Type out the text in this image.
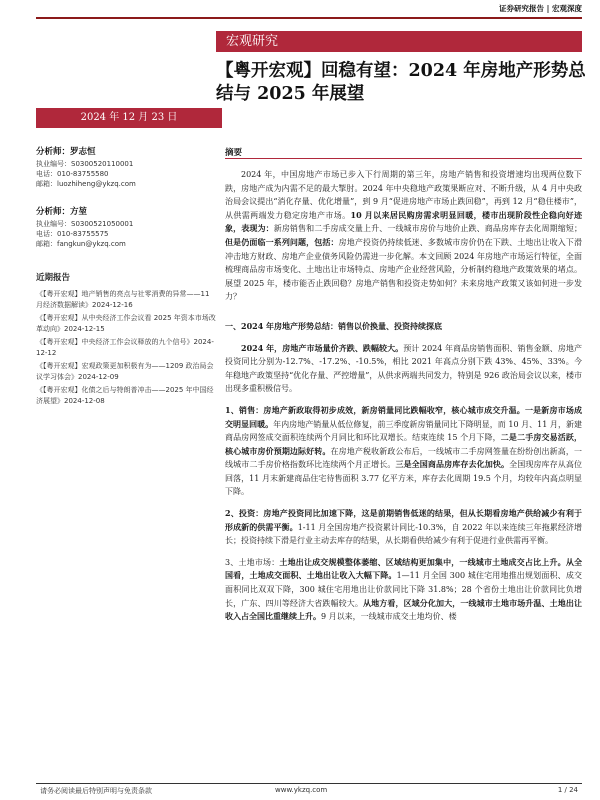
证券研究报告 | 宏观深度
宏观研究
【粤开宏观】回稳有望：2024 年房地产形势总结与 2025 年展望
2024 年 12 月 23 日
分析师：罗志恒
执业编号：S0300520110001
电话：010-83755580
邮箱：luozhiheng@ykzq.com
分析师：方堃
执业编号：S0300521050001
电话：010-83755575
邮箱：fangkun@ykzq.com
近期报告
《【粤开宏观】地产销售的亮点与社零消费的异常——11 月经济数据解读》2024-12-16
《【粤开宏观】从中央经济工作会议看 2025 年资本市场改革动向》2024-12-15
《【粤开宏观】中央经济工作会议释放的九个信号》2024-12-12
《【粤开宏观】宏观政策更加积极有为——1209 政治局会议学习体会》2024-12-09
《【粤开宏观】化债之后与特朗普冲击——2025 年中国经济展望》2024-12-08
摘要

2024 年，中国房地产市场已步入下行周期的第三年，房地产销售和投资增速均出现两位数下跌，房地产成为内需不足的最大掣肘。2024 年中央稳地产政策果断应对、不断升级，从 4 月中央政治局会议提出“消化存量、优化增量”，到 9 月“促进房地产市场止跌回稳”，再到 12 月“稳住楼市”，从供需两端发力稳定房地产市场。10 月以来居民购房需求明显回暖，楼市出现阶段性企稳向好迹象，表现为：新房销售和二手房成交量上升、一线城市房价与地价止跌、商品房库存去化周期缩短；但是仍面临一系列问题，包括：房地产投资仍持续低迷、多数城市房价仍在下跌、土地出让收入下滑冲击地方财政、房地产企业债务风险仍需进一步化解。本文回顾 2024 年房地产市场运行特征，全面梳理商品房市场变化、土地出让市场特点、房地产企业经营风险，分析制约稳地产政策效果的堵点。展望 2025 年，楼市能否止跌回稳？房地产销售和投资走势如何？未来房地产政策又该如何进一步发力？

一、2024 年房地产形势总结：销售以价换量、投资持续探底

2024 年，房地产市场量价齐跌、跌幅较大。预计 2024 年商品房销售面积、销售金额、房地产投资同比分别为-12.7%、-17.2%、-10.5%，相比 2021 年高点分别下跌 43%、45%、33%。今年稳地产政策坚持“优化存量、严控增量”，从供求两端共同发力，特别是 926 政治局会议以来，楼市出现多重积极信号。

1、销售：房地产新政取得初步成效，新房销量同比跌幅收窄，核心城市成交升温。一是新房市场成交明显回暖。年内房地产销量从低位修复，前三季度新房销量同比下降明显，而 10 月、11 月，新建商品房网签成交面积连续两个月同比和环比双增长。结束连续 15 个月下降，二是二手房交易活跃，核心城市房价预期边际好转。在房地产税收新政公布后，一线城市二手房网签量在纷纷创出新高，一线城市二手房价格指数环比连续两个月正增长。三是全国商品房库存去化加快。全国现房库存从高位回落，11 月末新建商品住宅待售面积 3.77 亿平方米，库存去化周期 19.5 个月，均较年内高点明显下降。

2、投资：房地产投资同比加速下降，这是前期销售低迷的结果，但从长期看房地产供给减少有利于形成新的供需平衡。1-11 月全国房地产投资累计同比-10.3%，自 2022 年以来连续三年拖累经济增长；投资持续下滑是行业主动去库存的结果，从长期看供给减少有利于促进行业供需再平衡。

3、土地市场：土地出让成交规模整体萎缩、区域结构更加集中，一线城市土地成交占比上升。从全国看，土地成交面积、土地出让收入大幅下降。1—11 月全国 300 城住宅用地推出规划面积、成交面积同比双双下降，300 城住宅用地出让价款同比下降 31.8%；28 个省份土地出让价款同比负增长，广东、四川等经济大省跌幅较大。从地方看，区域分化加大，一线城市土地市场升温、土地出让收入占全国比重继续上升。9 月以来，一线城市成交土地均价、楼

请务必阅读最后特别声明与免责条款	www.ykzq.com	1 / 24
